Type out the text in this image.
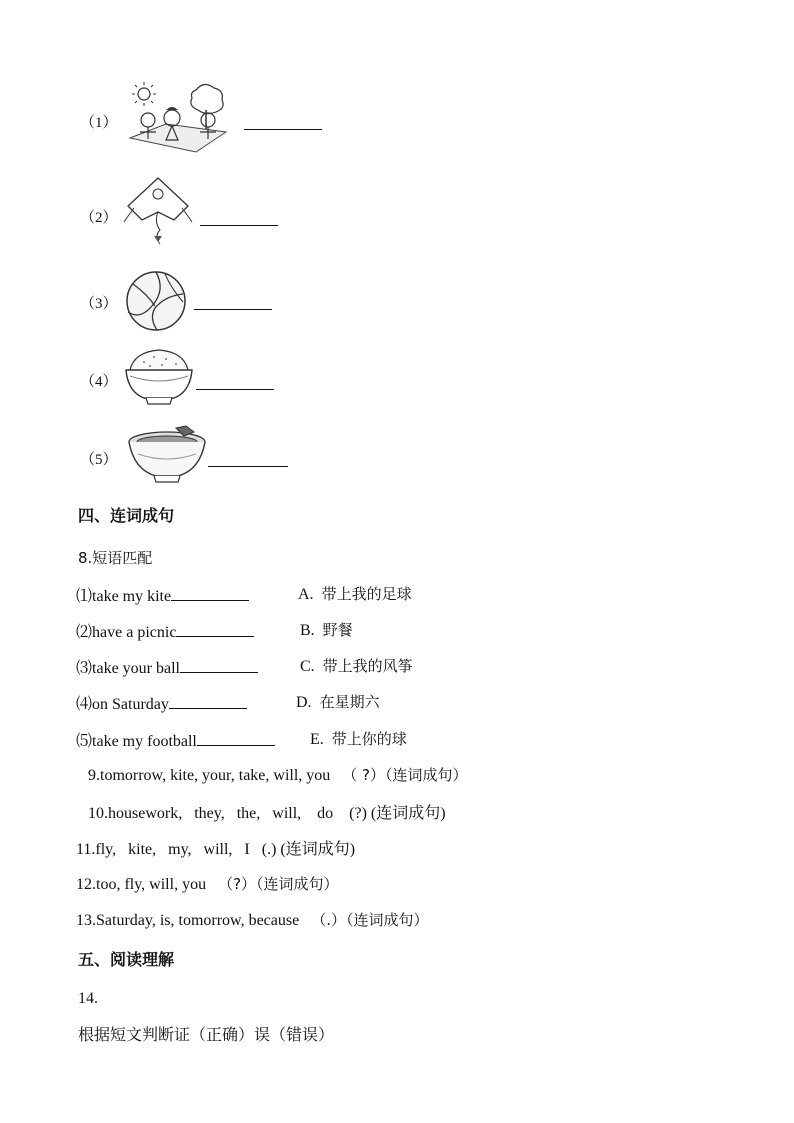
（1）
（2）
（3）
（4）
（5）
四、连词成句
8.短语匹配
⑴take my kite	A. 带上我的足球
⑵have a picnic	B. 野餐
⑶take your ball	C. 带上我的风筝
⑷on Saturday	D. 在星期六
⑸take my football	E. 带上你的球
9.tomorrow, kite, your, take, will, you （ ?）（连词成句）
10.housework,   they,   the,   will,    do (?) (连词成句)
11.fly,   kite,   my,   will,   I (.) (连词成句)
12.too, fly, will, you （?）（连词成句）
13.Saturday, is, tomorrow, because （.）（连词成句）
五、阅读理解
14.
根据短文判断证（正确）误（错误）
